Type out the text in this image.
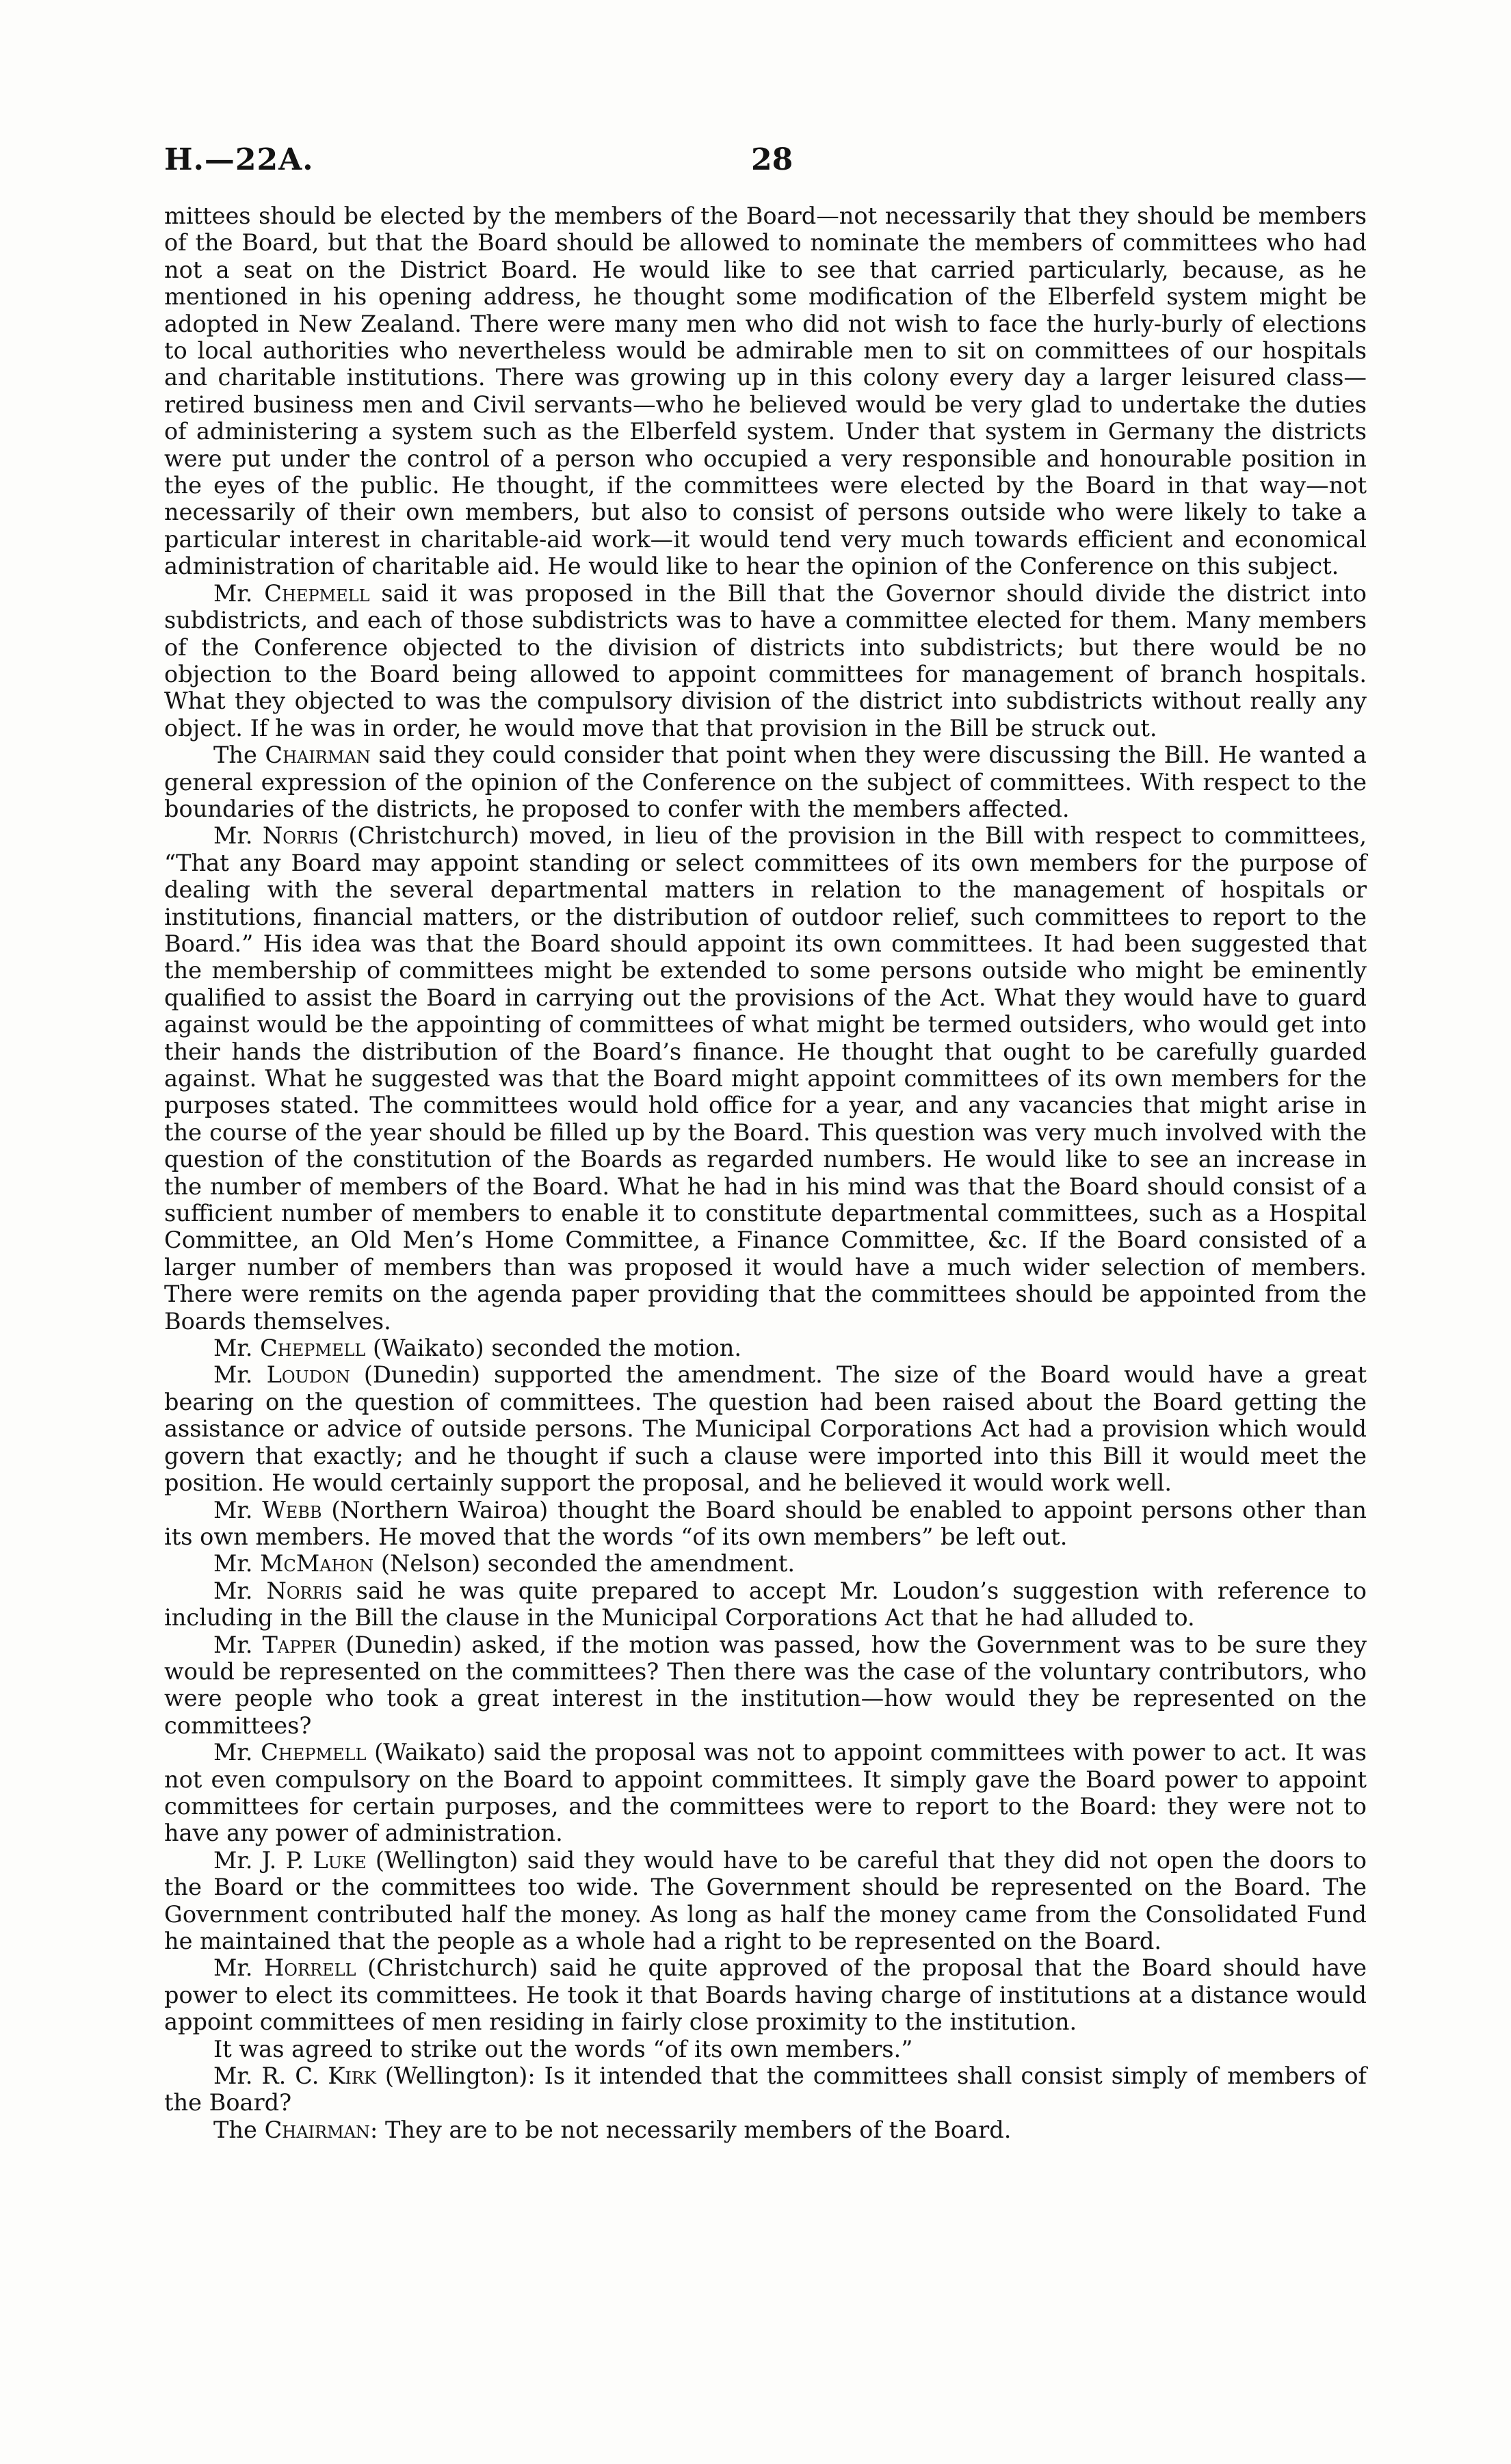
H.—22A.	28

mittees should be elected by the members of the Board—not necessarily that they should be members of the Board, but that the Board should be allowed to nominate the members of committees who had not a seat on the District Board. He would like to see that carried particularly, because, as he mentioned in his opening address, he thought some modification of the Elberfeld system might be adopted in New Zealand. There were many men who did not wish to face the hurly-burly of elections to local authorities who nevertheless would be admirable men to sit on committees of our hospitals and charitable institutions. There was growing up in this colony every day a larger leisured class—retired business men and Civil servants—who he believed would be very glad to undertake the duties of administering a system such as the Elberfeld system. Under that system in Germany the districts were put under the control of a person who occupied a very responsible and honourable position in the eyes of the public. He thought, if the committees were elected by the Board in that way—not necessarily of their own members, but also to consist of persons outside who were likely to take a particular interest in charitable-aid work—it would tend very much towards efficient and economical administration of charitable aid. He would like to hear the opinion of the Conference on this subject.

Mr. Chepmell said it was proposed in the Bill that the Governor should divide the district into subdistricts, and each of those subdistricts was to have a committee elected for them. Many members of the Conference objected to the division of districts into subdistricts; but there would be no objection to the Board being allowed to appoint committees for management of branch hospitals. What they objected to was the compulsory division of the district into subdistricts without really any object. If he was in order, he would move that that provision in the Bill be struck out.

The Chairman said they could consider that point when they were discussing the Bill. He wanted a general expression of the opinion of the Conference on the subject of committees. With respect to the boundaries of the districts, he proposed to confer with the members affected.

Mr. Norris (Christchurch) moved, in lieu of the provision in the Bill with respect to committees, “That any Board may appoint standing or select committees of its own members for the purpose of dealing with the several departmental matters in relation to the management of hospitals or institutions, financial matters, or the distribution of outdoor relief, such committees to report to the Board.” His idea was that the Board should appoint its own committees. It had been suggested that the membership of committees might be extended to some persons outside who might be eminently qualified to assist the Board in carrying out the provisions of the Act. What they would have to guard against would be the appointing of committees of what might be termed outsiders, who would get into their hands the distribution of the Board’s finance. He thought that ought to be carefully guarded against. What he suggested was that the Board might appoint committees of its own members for the purposes stated. The committees would hold office for a year, and any vacancies that might arise in the course of the year should be filled up by the Board. This question was very much involved with the question of the constitution of the Boards as regarded numbers. He would like to see an increase in the number of members of the Board. What he had in his mind was that the Board should consist of a sufficient number of members to enable it to constitute departmental committees, such as a Hospital Committee, an Old Men’s Home Committee, a Finance Committee, &c. If the Board consisted of a larger number of members than was proposed it would have a much wider selection of members. There were remits on the agenda paper providing that the committees should be appointed from the Boards themselves.

Mr. Chepmell (Waikato) seconded the motion.

Mr. Loudon (Dunedin) supported the amendment. The size of the Board would have a great bearing on the question of committees. The question had been raised about the Board getting the assistance or advice of outside persons. The Municipal Corporations Act had a provision which would govern that exactly; and he thought if such a clause were imported into this Bill it would meet the position. He would certainly support the proposal, and he believed it would work well.

Mr. Webb (Northern Wairoa) thought the Board should be enabled to appoint persons other than its own members. He moved that the words “of its own members” be left out.

Mr. McMahon (Nelson) seconded the amendment.

Mr. Norris said he was quite prepared to accept Mr. Loudon’s suggestion with reference to including in the Bill the clause in the Municipal Corporations Act that he had alluded to.

Mr. Tapper (Dunedin) asked, if the motion was passed, how the Government was to be sure they would be represented on the committees? Then there was the case of the voluntary contributors, who were people who took a great interest in the institution—how would they be represented on the committees?

Mr. Chepmell (Waikato) said the proposal was not to appoint committees with power to act. It was not even compulsory on the Board to appoint committees. It simply gave the Board power to appoint committees for certain purposes, and the committees were to report to the Board: they were not to have any power of administration.

Mr. J. P. Luke (Wellington) said they would have to be careful that they did not open the doors to the Board or the committees too wide. The Government should be represented on the Board. The Government contributed half the money. As long as half the money came from the Consolidated Fund he maintained that the people as a whole had a right to be represented on the Board.

Mr. Horrell (Christchurch) said he quite approved of the proposal that the Board should have power to elect its committees. He took it that Boards having charge of institutions at a distance would appoint committees of men residing in fairly close proximity to the institution.

It was agreed to strike out the words “of its own members.”

Mr. R. C. Kirk (Wellington): Is it intended that the committees shall consist simply of members of the Board?

The Chairman: They are to be not necessarily members of the Board.
